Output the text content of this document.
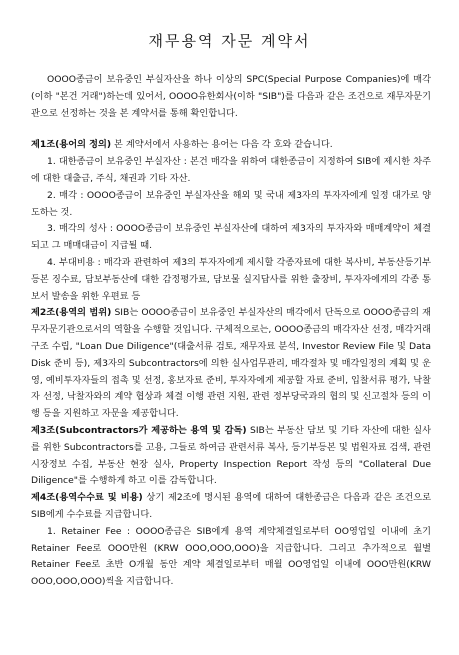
재무용역 자문 계약서

OOOO종금이 보유중인 부실자산을 하나 이상의 SPC(Special Purpose Companies)에 매각(이하 "본건 거래")하는데 있어서, OOOO유한회사(이하 "SIB")를 다음과 같은 조건으로 재무자문기관으로 선정하는 것을 본 계약서를 통해 확인합니다.

제1조(용어의 정의) 본 계약서에서 사용하는 용어는 다음 각 호와 같습니다.

1. 대한종금이 보유중인 부실자산 : 본건 매각을 위하여 대한종금이 지정하여 SIB에 제시한 차주에 대한 대출금, 주식, 채권과 기타 자산.

2. 매각 : OOOO종금이 보유중인 부실자산을 해외 및 국내 제3자의 투자자에게 일정 대가로 양도하는 것.

3. 매각의 성사 : OOOO종금이 보유중인 부실자산에 대하여 제3자의 투자자와 매매계약이 체결되고 그 매매대금이 지급될 때.

4. 부대비용 : 매각과 관련하여 제3의 투자자에게 제시할 각종자료에 대한 복사비, 부동산등기부등본 징수료, 담보부동산에 대한 감정평가료, 담보물 실지답사를 위한 출장비, 투자자에게의 각종 통보서 발송을 위한 우편료 등

제2조(용역의 범위) SIB는 OOOO종금이 보유중인 부실자산의 매각에서 단독으로 OOOO종금의 재무자문기관으로서의 역할을 수행할 것입니다. 구체적으로는, OOOO종금의 매각자산 선정, 매각거래구조 수립, "Loan Due Diligence"(대출서류 검토, 재무자료 분석, Investor Review File 및 Data Disk 준비 등), 제3자의 Subcontractors에 의한 실사업무관리, 매각절차 및 매각일정의 계획 및 운영, 예비투자자들의 접촉 및 선정, 홍보자료 준비, 투자자에게 제공할 자료 준비, 입찰서류 평가, 낙찰자 선정, 낙찰자와의 계약 협상과 체결 이행 관련 지원, 관련 정부당국과의 협의 및 신고절차 등의 이행 등을 지원하고 자문을 제공합니다.

제3조(Subcontractors가 제공하는 용역 및 감독) SIB는 부동산 담보 및 기타 자산에 대한 실사를 위한 Subcontractors를 고용, 그들로 하여금 관련서류 복사, 등기부등본 및 법원자료 검색, 관련 시장정보 수집, 부동산 현장 실사, Property Inspection Report 작성 등의 "Collateral Due Diligence"를 수행하게 하고 이를 감독합니다.

제4조(용역수수료 및 비용) 상기 제2조에 명시된 용역에 대하여 대한종금은 다음과 같은 조건으로 SIB에게 수수료를 지급합니다.

1. Retainer Fee : OOOO종금은 SIB에게 용역 계약체결일로부터 OO영업일 이내에 초기 Retainer Fee로 OOO만원 (KRW OOO,OOO,OOO)을 지급합니다. 그리고 추가적으로 월별 Retainer Fee로 초반 O개월 동안 계약 체결일로부터 매월 OO영업일 이내에 OOO만원(KRW OOO,OOO,OOO)씩을 지급합니다.
